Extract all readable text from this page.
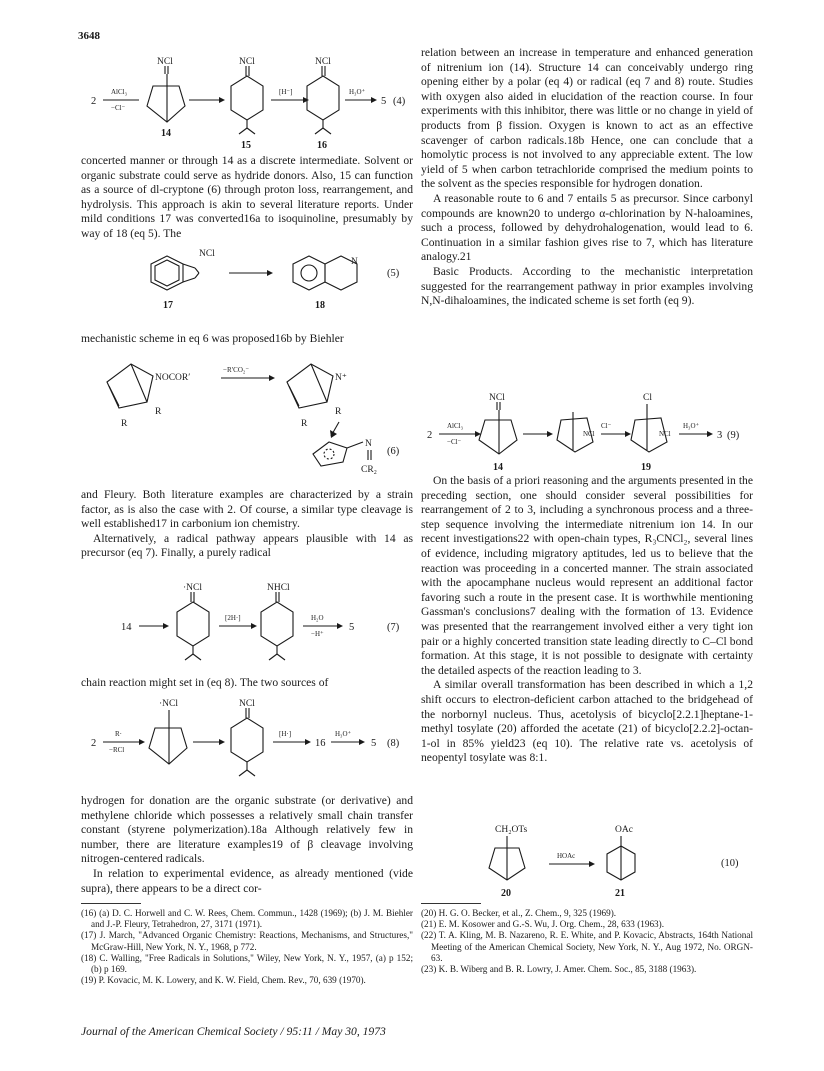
3648
2
AlCl₃
−Cl⁻
NCl
14
NCl
15
[H⁻]
NCl
16
H₃O⁺
5 (4)

concerted manner or through 14 as a discrete intermediate. Solvent or organic substrate could serve as hydride donors. Also, 15 can function as a source of dl-cryptone (6) through proton loss, rearrangement, and hydrolysis. This approach is akin to several literature reports. Under mild conditions 17 was converted16a to isoquinoline, presumably by way of 18 (eq 5). The

NCl
17
N
18
(5)

mechanistic scheme in eq 6 was proposed16b by Biehler

NOCOR′
R
R
−R′CO₂⁻
N⁺
R
R
N
CR₂
(6)

and Fleury. Both literature examples are characterized by a strain factor, as is also the case with 2. Of course, a similar type cleavage is well established17 in carbonium ion chemistry.

Alternatively, a radical pathway appears plausible with 14 as precursor (eq 7). Finally, a purely radical

14
·NCl
[2H·]
NHCl
H₂O
−H⁺
5	(7)

chain reaction might set in (eq 8). The two sources of

2
R·
−RCl
·NCl	NCl
[H·]
16
H₃O⁺
5 (8)

hydrogen for donation are the organic substrate (or derivative) and methylene chloride which possesses a relatively small chain transfer constant (styrene polymerization).18a Although relatively few in number, there are literature examples19 of β cleavage involving nitrogen-centered radicals.

In relation to experimental evidence, as already mentioned (vide supra), there appears to be a direct cor-

relation between an increase in temperature and enhanced generation of nitrenium ion (14). Structure 14 can conceivably undergo ring opening either by a polar (eq 4) or radical (eq 7 and 8) route. Studies with oxygen also aided in elucidation of the reaction course. In four experiments with this inhibitor, there was little or no change in yield of products from β fission. Oxygen is known to act as an effective scavenger of carbon radicals.18b Hence, one can conclude that a homolytic process is not involved to any appreciable extent. The low yield of 5 when carbon tetrachloride comprised the medium points to the solvent as the species responsible for hydrogen donation.

A reasonable route to 6 and 7 entails 5 as precursor. Since carbonyl compounds are known20 to undergo α-chlorination by N-haloamines, such a process, followed by dehydrohalogenation, would lead to 6. Continuation in a similar fashion gives rise to 7, which has literature analogy.21

Basic Products. According to the mechanistic interpretation suggested for the rearrangement pathway in prior examples involving N,N-dihaloamines, the indicated scheme is set forth (eq 9).

2
AlCl₃
−Cl⁻
NCl
14
NCl
Cl⁻
Cl
NCl
19
H₃O⁺
3 (9)

On the basis of a priori reasoning and the arguments presented in the preceding section, one should consider several possibilities for rearrangement of 2 to 3, including a synchronous process and a three-step sequence involving the intermediate nitrenium ion 14. In our recent investigations22 with open-chain types, R₃CNCl₂, several lines of evidence, including migratory aptitudes, led us to believe that the reaction was proceeding in a concerted manner. The strain associated with the apocamphane nucleus would represent an additional factor favoring such a route in the present case. It is worthwhile mentioning Gassman's conclusions7 dealing with the formation of 13. Evidence was presented that the rearrangement involved either a very tight ion pair or a highly concerted transition state leading directly to C–Cl bond formation. At this stage, it is not possible to designate with certainty the detailed aspects of the reaction leading to 3.

A similar overall transformation has been described in which a 1,2 shift occurs to electron-deficient carbon attached to the bridgehead of the norbornyl nucleus. Thus, acetolysis of bicyclo[2.2.1]heptane-1-methyl tosylate (20) afforded the acetate (21) of bicyclo[2.2.2]-octan-1-ol in 85% yield23 (eq 10). The relative rate vs. acetolysis of neopentyl tosylate was 8:1.

CH₂OTs
20
HOAc
OAc
21
(10)

(16) (a) D. C. Horwell and C. W. Rees, Chem. Commun., 1428 (1969); (b) J. M. Biehler and J.-P. Fleury, Tetrahedron, 27, 3171 (1971).

(17) J. March, "Advanced Organic Chemistry: Reactions, Mechanisms, and Structures," McGraw-Hill, New York, N. Y., 1968, p 772.

(18) C. Walling, "Free Radicals in Solutions," Wiley, New York, N. Y., 1957, (a) p 152; (b) p 169.

(19) P. Kovacic, M. K. Lowery, and K. W. Field, Chem. Rev., 70, 639 (1970).

(20) H. G. O. Becker, et al., Z. Chem., 9, 325 (1969).

(21) E. M. Kosower and G.-S. Wu, J. Org. Chem., 28, 633 (1963).

(22) T. A. Kling, M. B. Nazareno, R. E. White, and P. Kovacic, Abstracts, 164th National Meeting of the American Chemical Society, New York, N. Y., Aug 1972, No. ORGN-63.

(23) K. B. Wiberg and B. R. Lowry, J. Amer. Chem. Soc., 85, 3188 (1963).

Journal of the American Chemical Society / 95:11 / May 30, 1973
